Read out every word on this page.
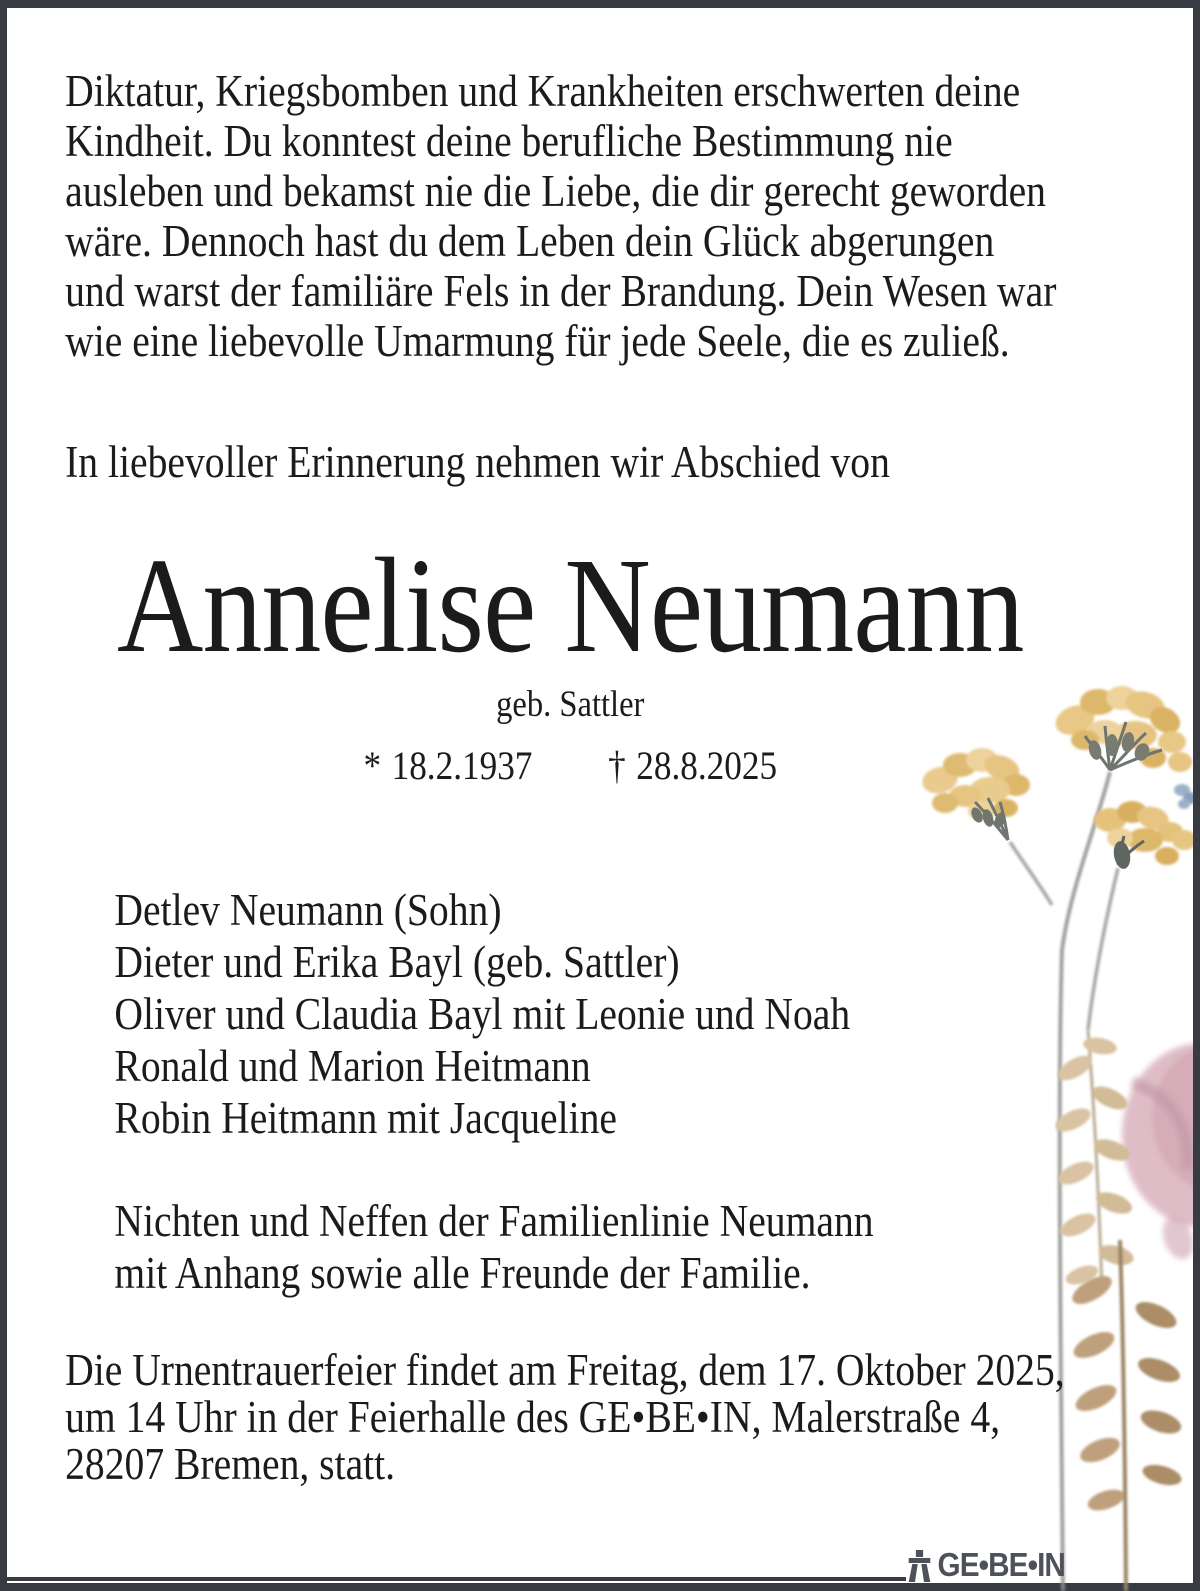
Diktatur, Kriegsbomben und Krankheiten erschwerten deine
Kindheit. Du konntest deine berufliche Bestimmung nie
ausleben und bekamst nie die Liebe, die dir gerecht geworden
wäre. Dennoch hast du dem Leben dein Glück abgerungen
und warst der familiäre Fels in der Brandung. Dein Wesen war
wie eine liebevolle Umarmung für jede Seele, die es zuließ.
In liebevoller Erinnerung nehmen wir Abschied von
Annelise Neumann
geb. Sattler
* 18.2.1937 † 28.8.2025
Detlev Neumann (Sohn)
Dieter und Erika Bayl (geb. Sattler)
Oliver und Claudia Bayl mit Leonie und Noah
Ronald und Marion Heitmann
Robin Heitmann mit Jacqueline
Nichten und Neffen der Familienlinie Neumann
mit Anhang sowie alle Freunde der Familie.
Die Urnentrauerfeier findet am Freitag, dem 17. Oktober 2025,
um 14 Uhr in der Feierhalle des GE•BE•IN, Malerstraße 4,
28207 Bremen, statt.
GE•BE•IN
